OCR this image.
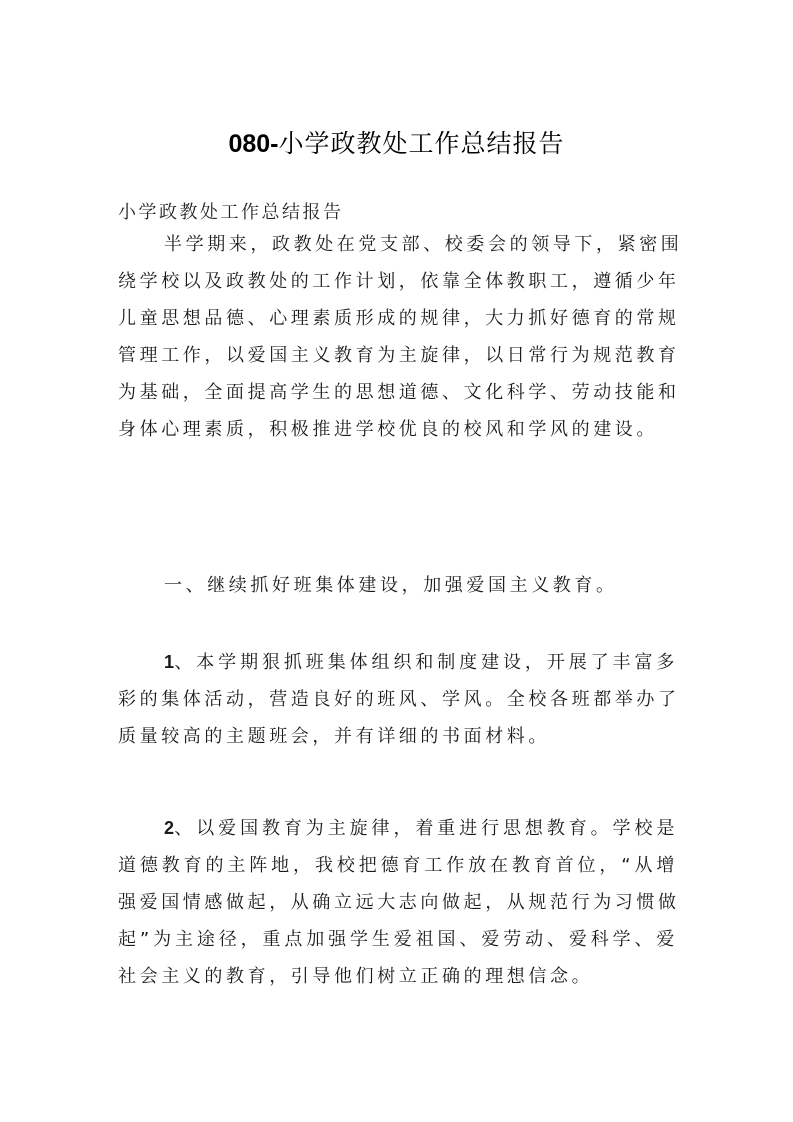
080-小学政教处工作总结报告
小学政教处工作总结报告
半学期来，政教处在党支部、校委会的领导下，紧密围
绕学校以及政教处的工作计划，依靠全体教职工，遵循少年
儿童思想品德、心理素质形成的规律，大力抓好德育的常规
管理工作，以爱国主义教育为主旋律，以日常行为规范教育
为基础，全面提高学生的思想道德、文化科学、劳动技能和
身体心理素质，积极推进学校优良的校风和学风的建设。
一、继续抓好班集体建设，加强爱国主义教育。
1、本学期狠抓班集体组织和制度建设，开展了丰富多
彩的集体活动，营造良好的班风、学风。全校各班都举办了
质量较高的主题班会，并有详细的书面材料。
2、以爱国教育为主旋律，着重进行思想教育。学校是
道德教育的主阵地，我校把德育工作放在教育首位，“从增
强爱国情感做起，从确立远大志向做起，从规范行为习惯做
起”为主途径，重点加强学生爱祖国、爱劳动、爱科学、爱
社会主义的教育，引导他们树立正确的理想信念。
